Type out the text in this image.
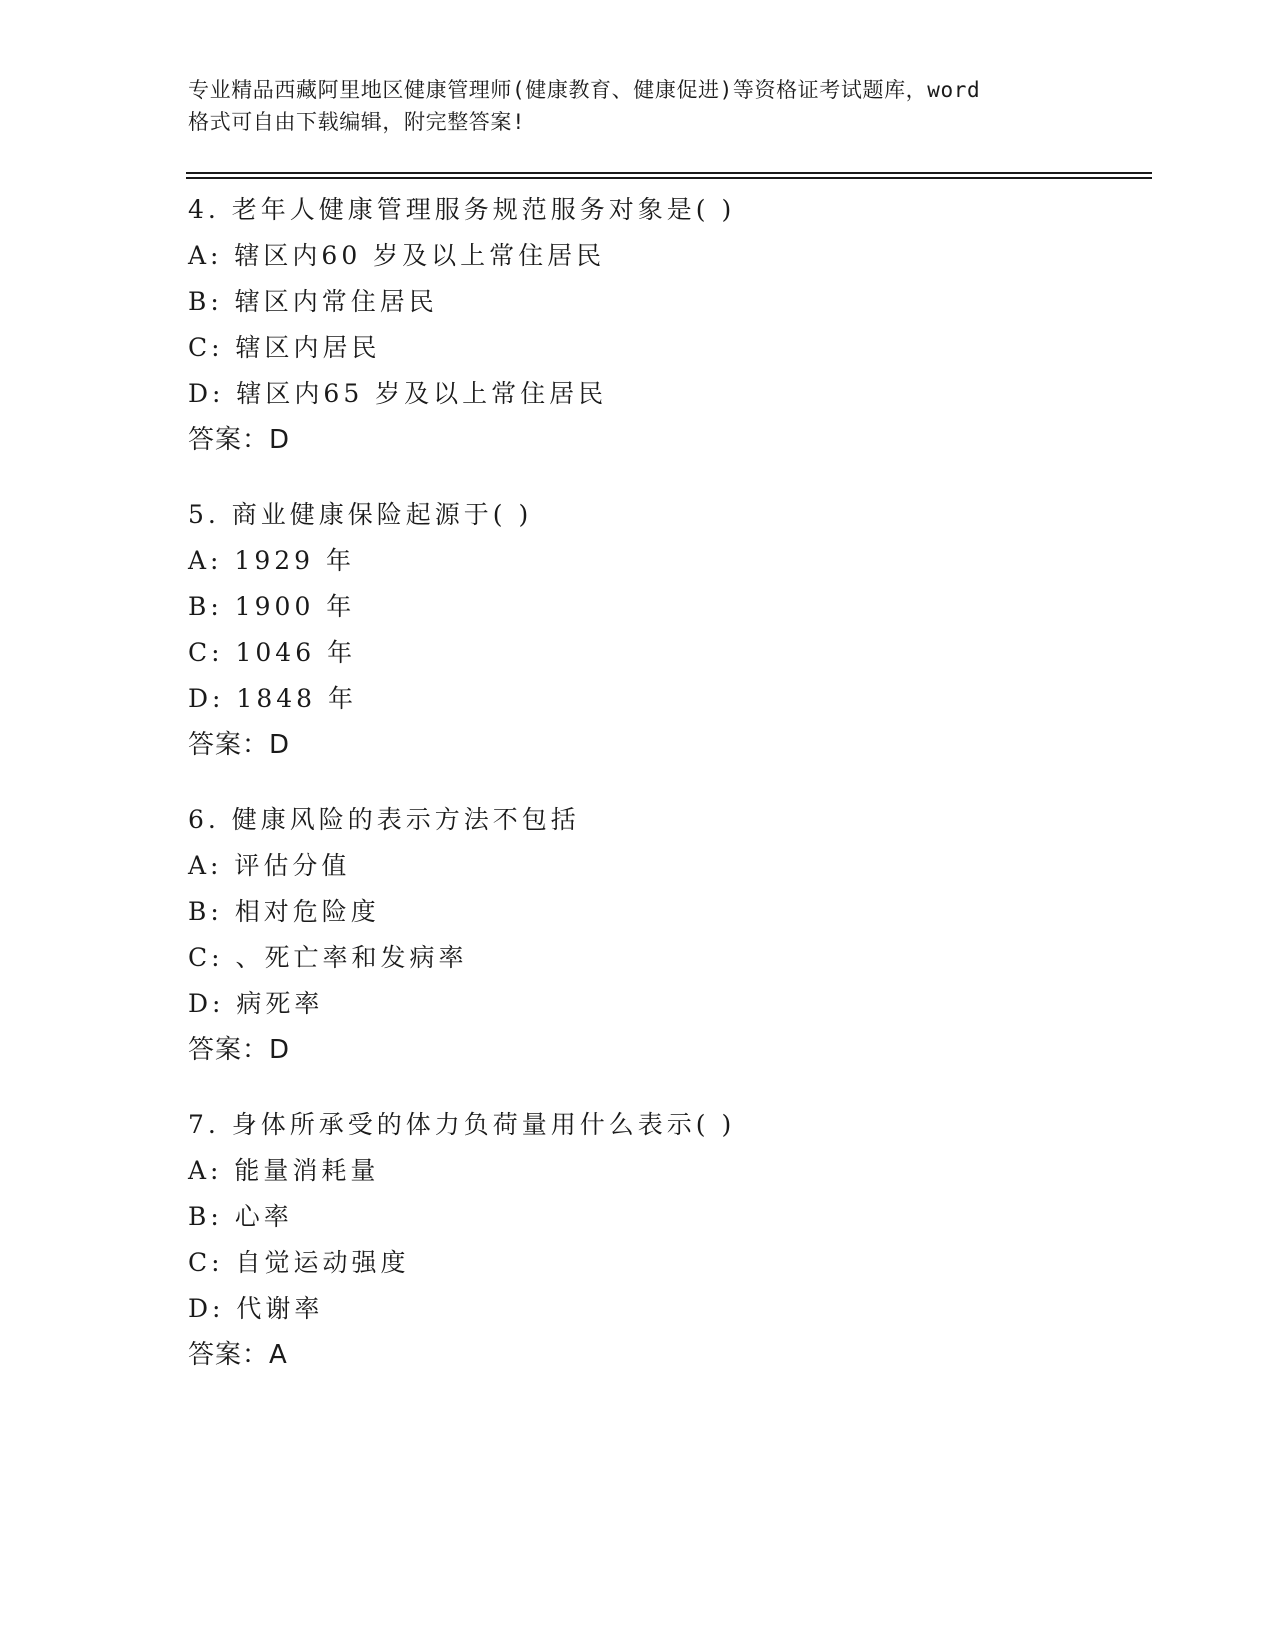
专业精品西藏阿里地区健康管理师(健康教育、健康促进)等资格证考试题库，word
格式可自由下载编辑，附完整答案!
4. 老年人健康管理服务规范服务对象是( )
A: 辖区内60 岁及以上常住居民
B: 辖区内常住居民
C: 辖区内居民
D: 辖区内65 岁及以上常住居民
答案：D
5. 商业健康保险起源于( )
A: 1929 年
B: 1900 年
C: 1046 年
D: 1848 年
答案：D
6. 健康风险的表示方法不包括
A: 评估分值
B: 相对危险度
C: 、死亡率和发病率
D: 病死率
答案：D
7. 身体所承受的体力负荷量用什么表示( )
A: 能量消耗量
B: 心率
C: 自觉运动强度
D: 代谢率
答案：A
